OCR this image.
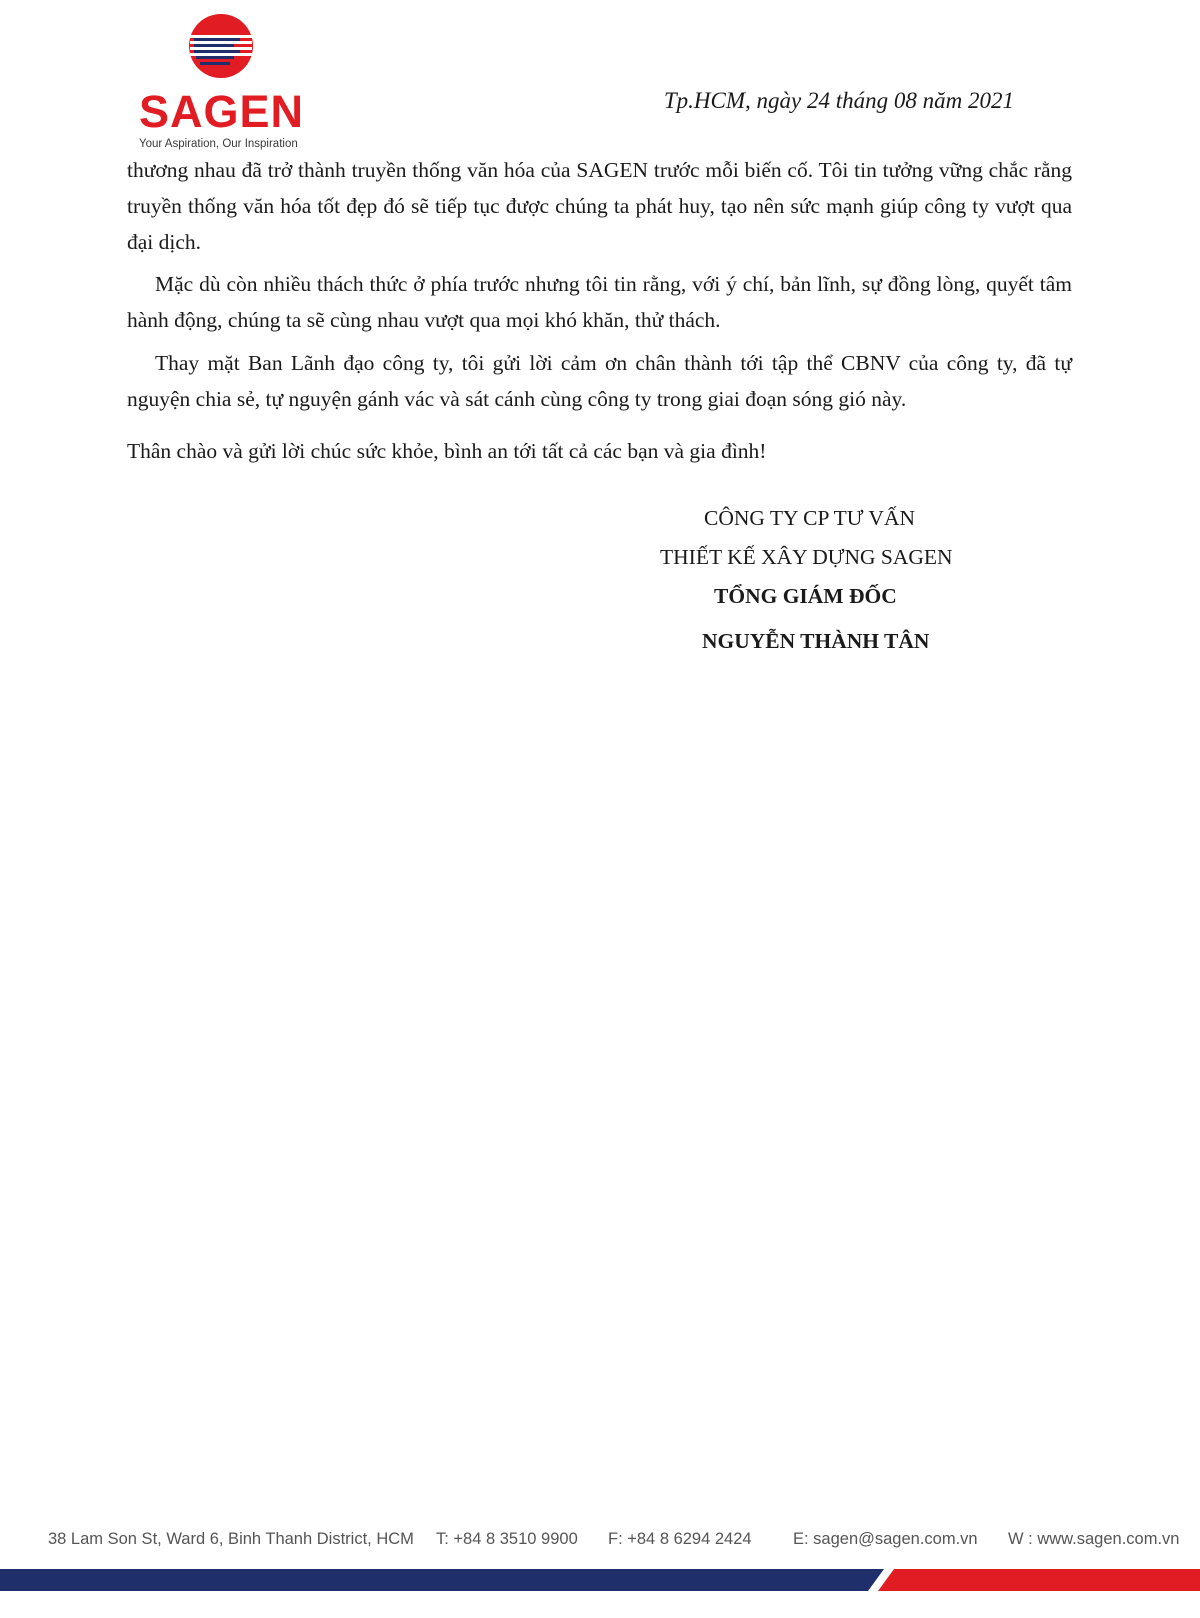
SAGEN
Your Aspiration, Our Inspiration
Tp.HCM, ngày 24 tháng 08 năm 2021

thương nhau đã trở thành truyền thống văn hóa của SAGEN trước mỗi biến cố. Tôi tin tưởng vững chắc rằng truyền thống văn hóa tốt đẹp đó sẽ tiếp tục được chúng ta phát huy, tạo nên sức mạnh giúp công ty vượt qua đại dịch.

Mặc dù còn nhiều thách thức ở phía trước nhưng tôi tin rằng, với ý chí, bản lĩnh, sự đồng lòng, quyết tâm hành động, chúng ta sẽ cùng nhau vượt qua mọi khó khăn, thử thách.

Thay mặt Ban Lãnh đạo công ty, tôi gửi lời cảm ơn chân thành tới tập thể CBNV của công ty, đã tự nguyện chia sẻ, tự nguyện gánh vác và sát cánh cùng công ty trong giai đoạn sóng gió này.

Thân chào và gửi lời chúc sức khỏe, bình an tới tất cả các bạn và gia đình!

CÔNG TY CP TƯ VẤN
THIẾT KẾ XÂY DỰNG SAGEN
TỔNG GIÁM ĐỐC
NGUYỄN THÀNH TÂN
38 Lam Son St, Ward 6, Binh Thanh District, HCM T: +84 8 3510 9900 F: +84 8 6294 2424	E: sagen@sagen.com.vn W : www.sagen.com.vn
